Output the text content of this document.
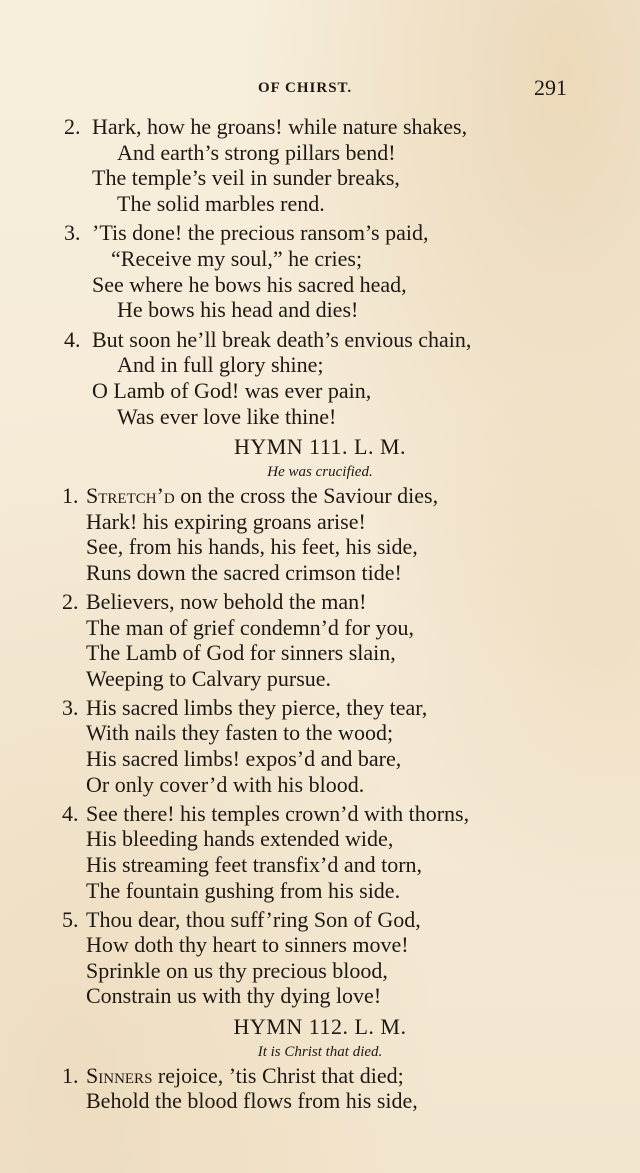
OF CHIRST.	291
2. Hark, how he groans! while nature shakes,
And earth’s strong pillars bend!
The temple’s veil in sunder breaks,
The solid marbles rend.
3. ’Tis done! the precious ransom’s paid,
“Receive my soul,” he cries;
See where he bows his sacred head,
He bows his head and dies!
4. But soon he’ll break death’s envious chain,
And in full glory shine;
O Lamb of God! was ever pain,
Was ever love like thine!
HYMN 111. L. M.
He was crucified.
1. Stretch’d on the cross the Saviour dies,
Hark! his expiring groans arise!
See, from his hands, his feet, his side,
Runs down the sacred crimson tide!
2. Believers, now behold the man!
The man of grief condemn’d for you,
The Lamb of God for sinners slain,
Weeping to Calvary pursue.
3. His sacred limbs they pierce, they tear,
With nails they fasten to the wood;
His sacred limbs! expos’d and bare,
Or only cover’d with his blood.
4. See there! his temples crown’d with thorns,
His bleeding hands extended wide,
His streaming feet transfix’d and torn,
The fountain gushing from his side.
5. Thou dear, thou suff’ring Son of God,
How doth thy heart to sinners move!
Sprinkle on us thy precious blood,
Constrain us with thy dying love!
HYMN 112. L. M.
It is Christ that died.
1. Sinners rejoice, ’tis Christ that died;
Behold the blood flows from his side,
